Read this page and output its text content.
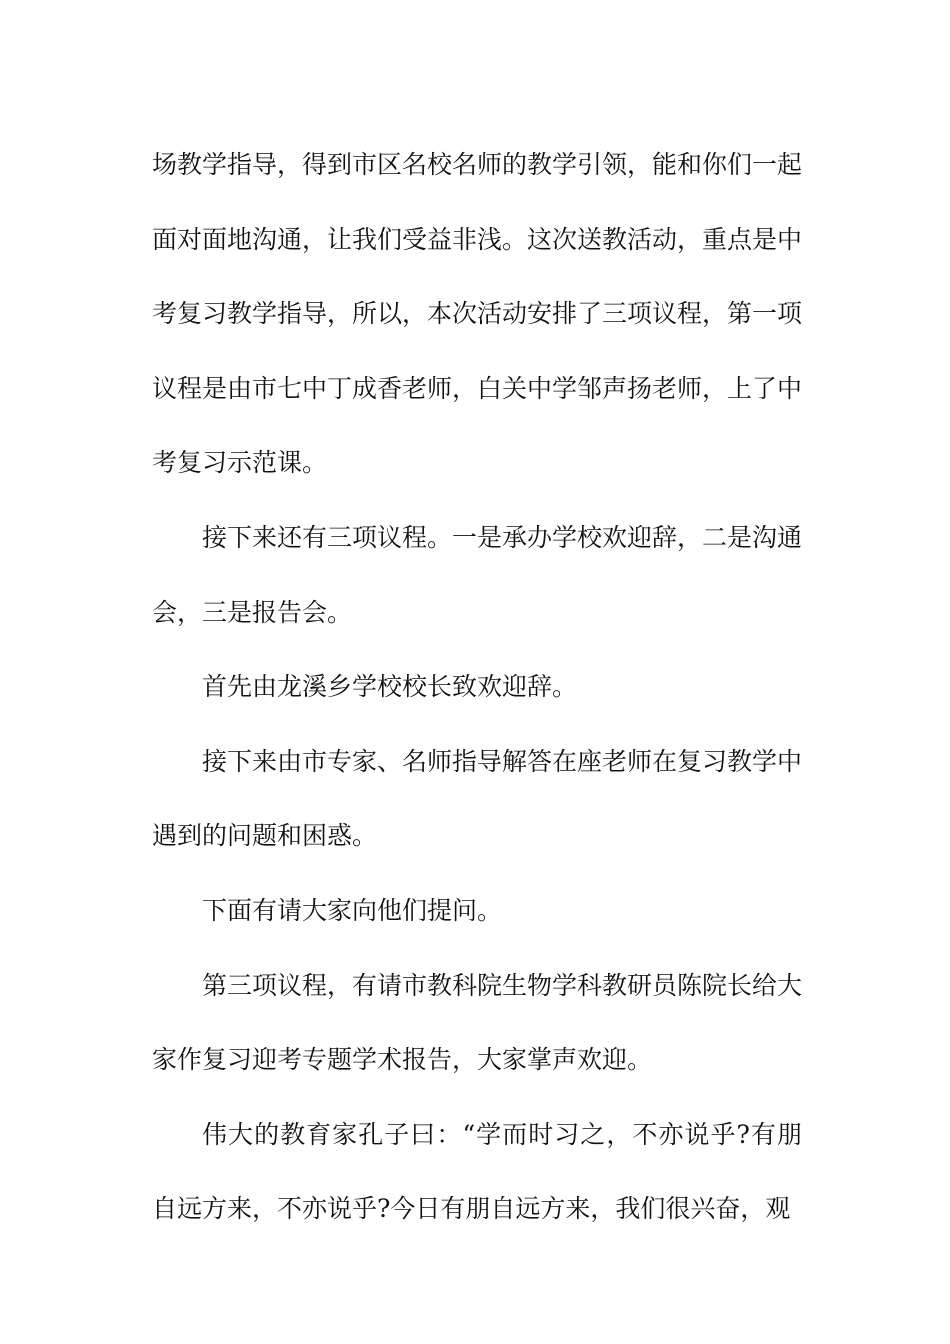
场教学指导，得到市区名校名师的教学引领，能和你们一起面对面地沟通，让我们受益非浅。这次送教活动，重点是中考复习教学指导，所以，本次活动安排了三项议程，第一项议程是由市七中丁成香老师，白关中学邹声扬老师，上了中考复习示范课。

接下来还有三项议程。一是承办学校欢迎辞，二是沟通会，三是报告会。

首先由龙溪乡学校校长致欢迎辞。

接下来由市专家、名师指导解答在座老师在复习教学中遇到的问题和困惑。

下面有请大家向他们提问。

第三项议程，有请市教科院生物学科教研员陈院长给大家作复习迎考专题学术报告，大家掌声欢迎。

伟大的教育家孔子曰：“学而时习之，不亦说乎?有朋自远方来，不亦说乎?今日有朋自远方来，我们很兴奋，观
